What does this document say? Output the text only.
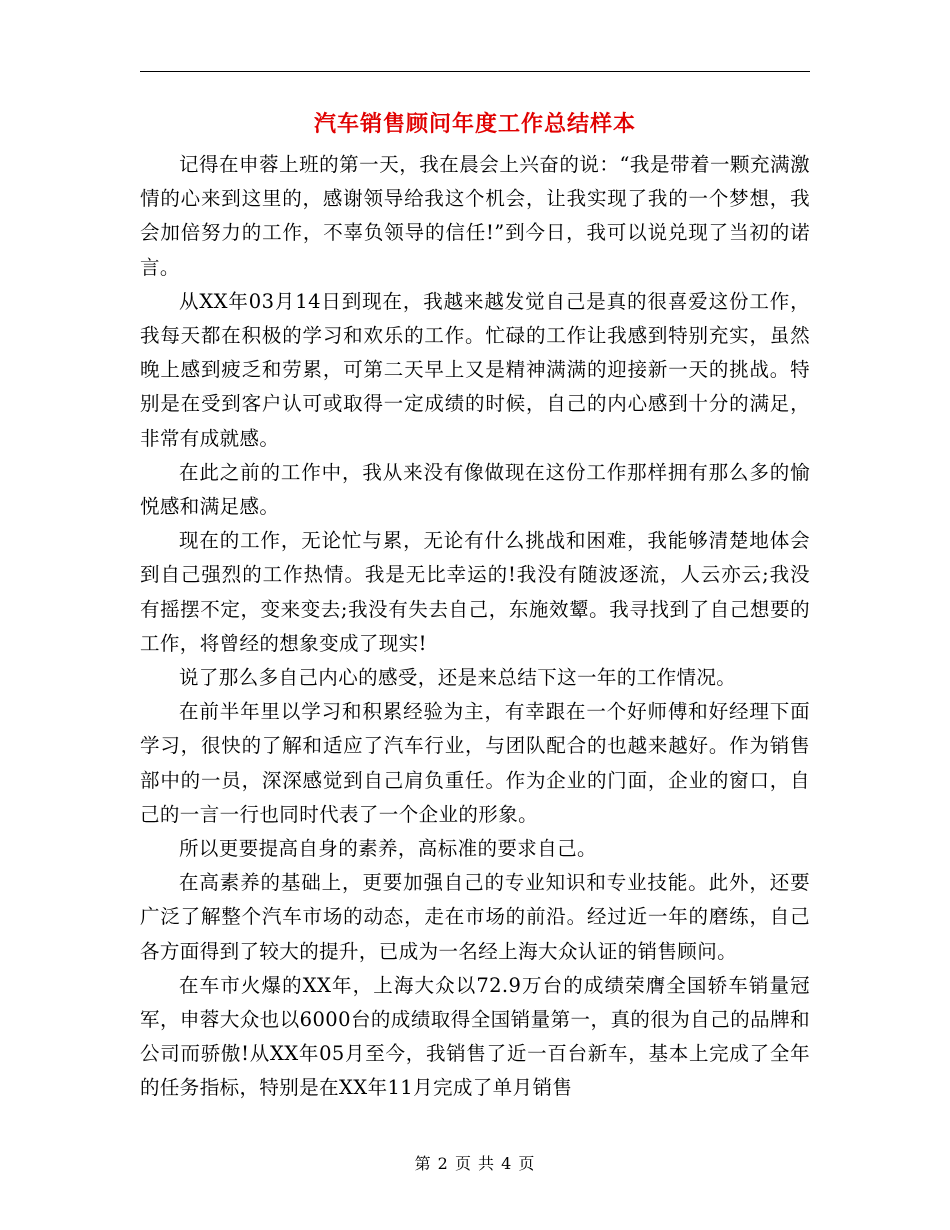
汽车销售顾问年度工作总结样本

记得在申蓉上班的第一天，我在晨会上兴奋的说：“我是带着一颗充满激情的心来到这里的，感谢领导给我这个机会，让我实现了我的一个梦想，我会加倍努力的工作，不辜负领导的信任!”到今日，我可以说兑现了当初的诺言。

从XX年03月14日到现在，我越来越发觉自己是真的很喜爱这份工作，我每天都在积极的学习和欢乐的工作。忙碌的工作让我感到特别充实，虽然晚上感到疲乏和劳累，可第二天早上又是精神满满的迎接新一天的挑战。特别是在受到客户认可或取得一定成绩的时候，自己的内心感到十分的满足，非常有成就感。

在此之前的工作中，我从来没有像做现在这份工作那样拥有那么多的愉悦感和满足感。

现在的工作，无论忙与累，无论有什么挑战和困难，我能够清楚地体会到自己强烈的工作热情。我是无比幸运的!我没有随波逐流，人云亦云;我没有摇摆不定，变来变去;我没有失去自己，东施效颦。我寻找到了自己想要的工作，将曾经的想象变成了现实!

说了那么多自己内心的感受，还是来总结下这一年的工作情况。

在前半年里以学习和积累经验为主，有幸跟在一个好师傅和好经理下面学习，很快的了解和适应了汽车行业，与团队配合的也越来越好。作为销售部中的一员，深深感觉到自己肩负重任。作为企业的门面，企业的窗口，自己的一言一行也同时代表了一个企业的形象。

所以更要提高自身的素养，高标准的要求自己。

在高素养的基础上，更要加强自己的专业知识和专业技能。此外，还要广泛了解整个汽车市场的动态，走在市场的前沿。经过近一年的磨练，自己各方面得到了较大的提升，已成为一名经上海大众认证的销售顾问。

在车市火爆的XX年，上海大众以72.9万台的成绩荣膺全国轿车销量冠军，申蓉大众也以6000台的成绩取得全国销量第一，真的很为自己的品牌和公司而骄傲!从XX年05月至今，我销售了近一百台新车，基本上完成了全年的任务指标，特别是在XX年11月完成了单月销售

第 2 页 共 4 页
